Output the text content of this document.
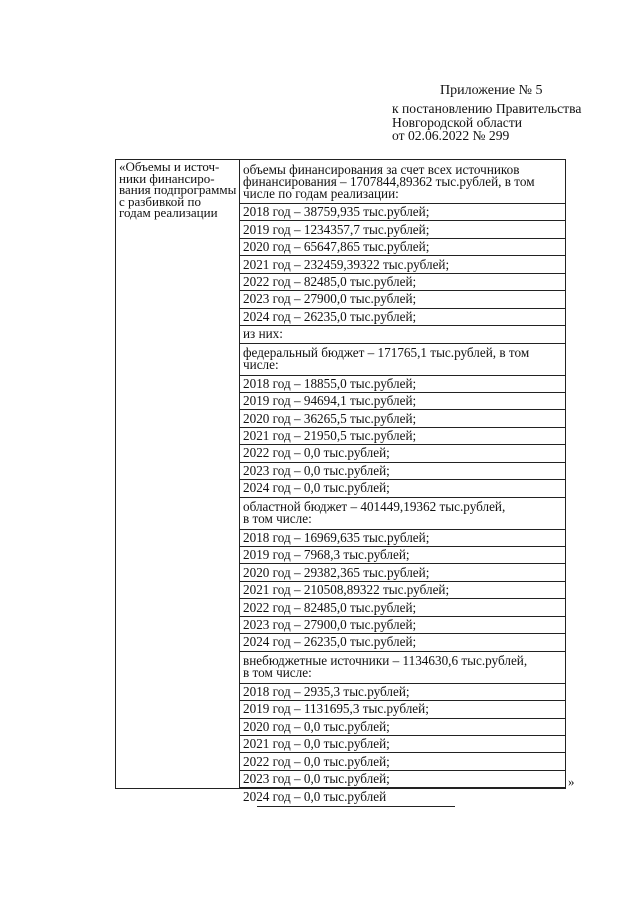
Приложение № 5
к постановлению Правительства
Новгородской области
от 02.06.2022 № 299
«Объемы и источ-
ники финансиро-
вания подпрограммы
с разбивкой по
годам реализации
объемы финансирования за счет всех источников
финансирования – 1707844,89362 тыс.рублей, в том
числе по годам реализации:
2018 год – 38759,935 тыс.рублей;
2019 год – 1234357,7 тыс.рублей;
2020 год – 65647,865 тыс.рублей;
2021 год – 232459,39322 тыс.рублей;
2022 год – 82485,0 тыс.рублей;
2023 год – 27900,0 тыс.рублей;
2024 год – 26235,0 тыс.рублей;
из них:
федеральный бюджет – 171765,1 тыс.рублей, в том
числе:
2018 год – 18855,0 тыс.рублей;
2019 год – 94694,1 тыс.рублей;
2020 год – 36265,5 тыс.рублей;
2021 год – 21950,5 тыс.рублей;
2022 год – 0,0 тыс.рублей;
2023 год – 0,0 тыс.рублей;
2024 год – 0,0 тыс.рублей;
областной бюджет – 401449,19362 тыс.рублей,
в том числе:
2018 год – 16969,635 тыс.рублей;
2019 год – 7968,3 тыс.рублей;
2020 год – 29382,365 тыс.рублей;
2021 год – 210508,89322 тыс.рублей;
2022 год – 82485,0 тыс.рублей;
2023 год – 27900,0 тыс.рублей;
2024 год – 26235,0 тыс.рублей;
внебюджетные источники – 1134630,6 тыс.рублей,
в том числе:
2018 год – 2935,3 тыс.рублей;
2019 год – 1131695,3 тыс.рублей;
2020 год – 0,0 тыс.рублей;
2021 год – 0,0 тыс.рублей;
2022 год – 0,0 тыс.рублей;
2023 год – 0,0 тыс.рублей;
2024 год – 0,0 тыс.рублей
»
